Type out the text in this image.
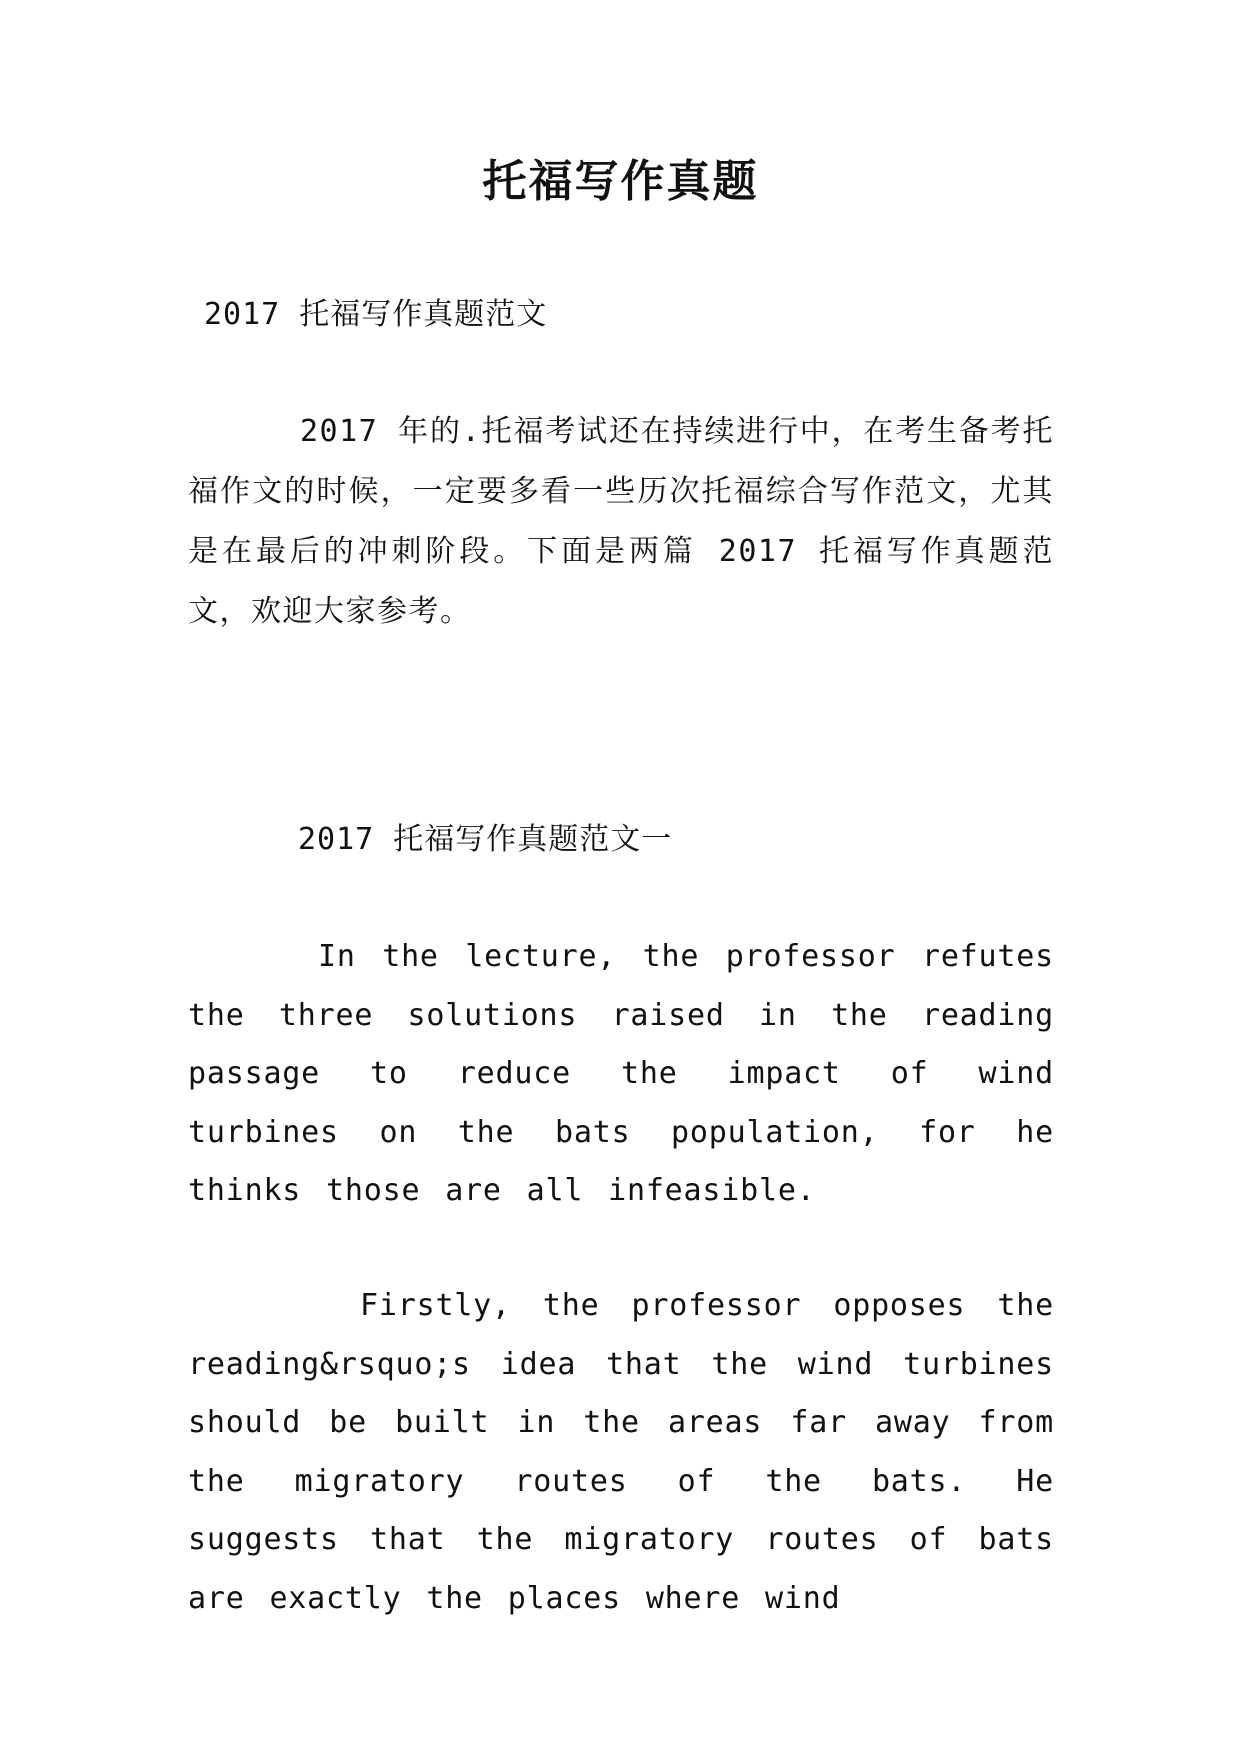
托福写作真题
2017 托福写作真题范文
2017 年的.托福考试还在持续进行中，在考生备考托福作文的时候，一定要多看一些历次托福综合写作范文，尤其是在最后的冲刺阶段。下面是两篇 2017 托福写作真题范文，欢迎大家参考。
2017 托福写作真题范文一
In the lecture, the professor refutes the three solutions raised in the reading passage to reduce the impact of wind turbines on the bats population, for he thinks those are all infeasible.
Firstly, the professor opposes the reading&rsquo;s idea that the wind turbines should be built in the areas far away from the migratory routes of the bats. He suggests that the migratory routes of bats are exactly the places where wind
